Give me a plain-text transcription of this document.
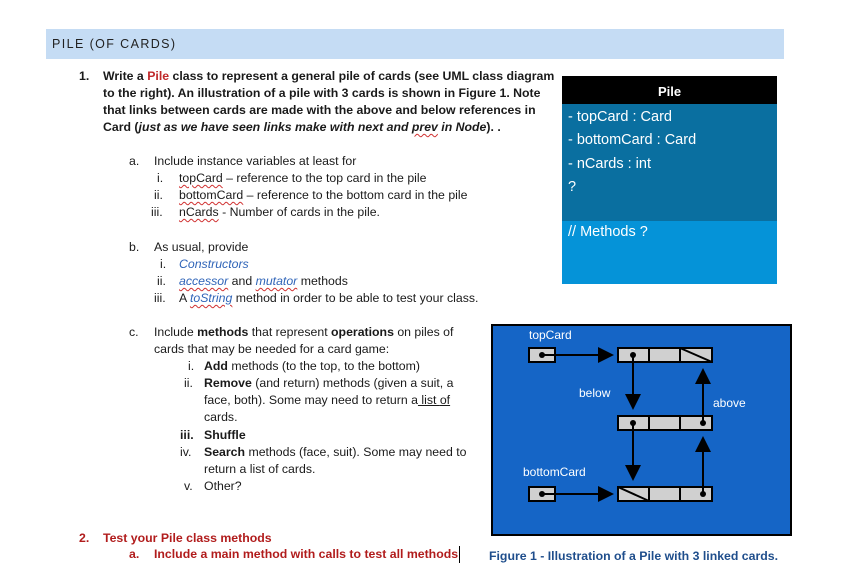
PILE (OF CARDS)
1. Write a Pile class to represent a general pile of cards (see UML class diagram
to the right). An illustration of a pile with 3 cards is shown in Figure 1. Note
that links between cards are made with the above and below references in
Card (just as we have seen links make with next and prev in Node). .
a. Include instance variables at least for
i. topCard – reference to the top card in the pile
ii. bottomCard – reference to the bottom card in the pile
iii. nCards - Number of cards in the pile.
b. As usual, provide
i. Constructors
ii. accessor and mutator methods
iii. A toString method in order to be able to test your class.
c. Include methods that represent operations on piles of
cards that may be needed for a card game:
i. Add methods (to the top, to the bottom)
ii. Remove (and return) methods (given a suit, a
face, both). Some may need to return a list of
cards.
iii. Shuffle
iv. Search methods (face, suit). Some may need to
return a list of cards.
v. Other?
2. Test your Pile class methods
a. Include a main method with calls to test all methods
Pile
- topCard : Card
- bottomCard : Card
- nCards : int
?
// Methods ?
topCard
below
above
bottomCard
Figure 1 - Illustration of a Pile with 3 linked cards.
